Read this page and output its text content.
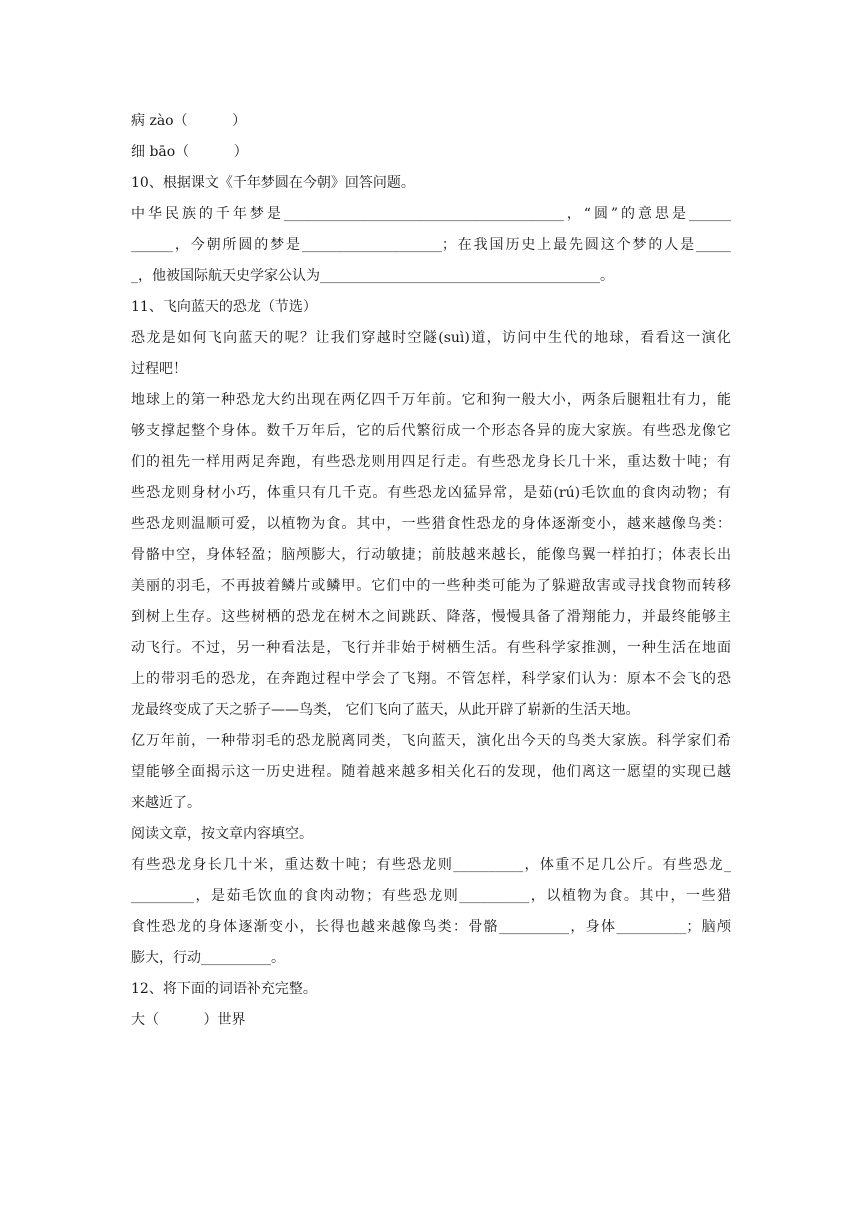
病 zào（          ）
细 bāo（          ）
10、根据课文《千年梦圆在今朝》回答问题。
中华民族的千年梦是________________________________________，“圆”的意思是______
______，今朝所圆的梦是____________________；在我国历史上最先圆这个梦的人是_____
_，他被国际航天史学家公认为________________________________________。
11、飞向蓝天的恐龙（节选）
恐龙是如何飞向蓝天的呢？让我们穿越时空隧(suì)道，访问中生代的地球，看看这一演化
过程吧！
地球上的第一种恐龙大约出现在两亿四千万年前。它和狗一般大小，两条后腿粗壮有力，能
够支撑起整个身体。数千万年后，它的后代繁衍成一个形态各异的庞大家族。有些恐龙像它
们的祖先一样用两足奔跑，有些恐龙则用四足行走。有些恐龙身长几十米，重达数十吨；有
些恐龙则身材小巧，体重只有几千克。有些恐龙凶猛异常，是茹(rú)毛饮血的食肉动物；有
些恐龙则温顺可爱，以植物为食。其中，一些猎食性恐龙的身体逐渐变小，越来越像鸟类：
骨骼中空，身体轻盈；脑颅膨大，行动敏捷；前肢越来越长，能像鸟翼一样拍打；体表长出
美丽的羽毛，不再披着鳞片或鳞甲。它们中的一些种类可能为了躲避敌害或寻找食物而转移
到树上生存。这些树栖的恐龙在树木之间跳跃、降落，慢慢具备了滑翔能力，并最终能够主
动飞行。不过，另一种看法是，飞行并非始于树栖生活。有些科学家推测，一种生活在地面
上的带羽毛的恐龙，在奔跑过程中学会了飞翔。不管怎样，科学家们认为：原本不会飞的恐
龙最终变成了天之骄子——鸟类， 它们飞向了蓝天，从此开辟了崭新的生活天地。
亿万年前，一种带羽毛的恐龙脱离同类，飞向蓝天，演化出今天的鸟类大家族。科学家们希
望能够全面揭示这一历史进程。随着越来越多相关化石的发现，他们离这一愿望的实现已越
来越近了。
阅读文章，按文章内容填空。
有些恐龙身长几十米，重达数十吨；有些恐龙则__________，体重不足几公斤。有些恐龙_
_________，是茹毛饮血的食肉动物；有些恐龙则__________，以植物为食。其中，一些猎
食性恐龙的身体逐渐变小，长得也越来越像鸟类：骨骼__________，身体__________；脑颅
膨大，行动__________。
12、将下面的词语补充完整。
大（          ）世界
